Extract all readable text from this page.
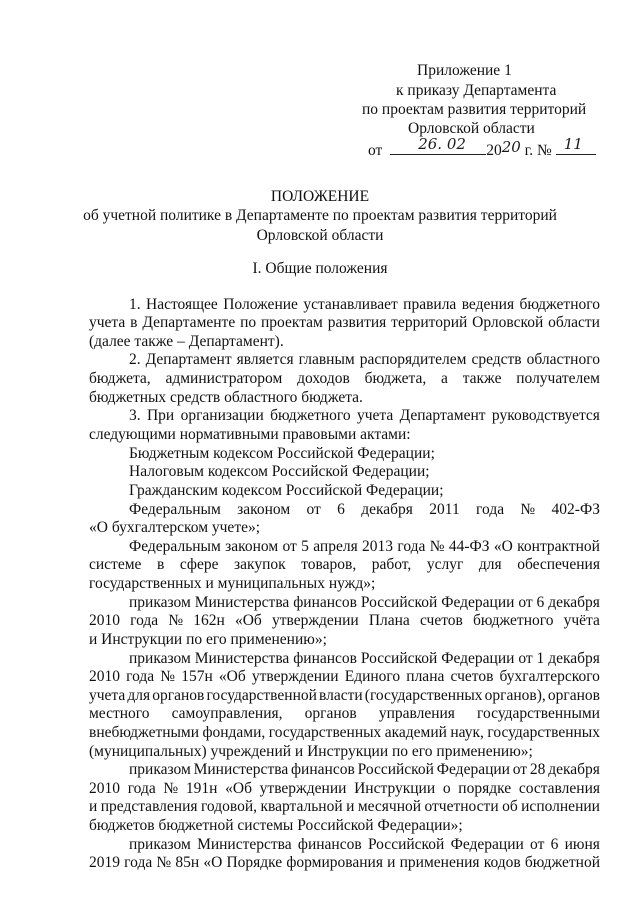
Приложение 1
к приказу Департамента
по проектам развития территорий
Орловской области
от 26. 02 2020 г. № 11
ПОЛОЖЕНИЕ
об учетной политике в Департаменте по проектам развития территорий
Орловской области
I. Общие положения
1. Настоящее Положение устанавливает правила ведения бюджетного
учета в Департаменте по проектам развития территорий Орловской области
(далее также – Департамент).
2. Департамент является главным распорядителем средств областного
бюджета, администратором доходов бюджета, а также получателем
бюджетных средств областного бюджета.
3. При организации бюджетного учета Департамент руководствуется
следующими нормативными правовыми актами:
Бюджетным кодексом Российской Федерации;
Налоговым кодексом Российской Федерации;
Гражданским кодексом Российской Федерации;
Федеральным законом от 6 декабря 2011 года № 402-ФЗ
«О бухгалтерском учете»;
Федеральным законом от 5 апреля 2013 года № 44-ФЗ «О контрактной
системе в сфере закупок товаров, работ, услуг для обеспечения
государственных и муниципальных нужд»;
приказом Министерства финансов Российской Федерации от 6 декабря
2010 года № 162н «Об утверждении Плана счетов бюджетного учёта
и Инструкции по его применению»;
приказом Министерства финансов Российской Федерации от 1 декабря
2010 года № 157н «Об утверждении Единого плана счетов бухгалтерского
учета для органов государственной власти (государственных органов), органов
местного самоуправления, органов управления государственными
внебюджетными фондами, государственных академий наук, государственных
(муниципальных) учреждений и Инструкции по его применению»;
приказом Министерства финансов Российской Федерации от 28 декабря
2010 года № 191н «Об утверждении Инструкции о порядке составления
и представления годовой, квартальной и месячной отчетности об исполнении
бюджетов бюджетной системы Российской Федерации»;
приказом Министерства финансов Российской Федерации от 6 июня
2019 года № 85н «О Порядке формирования и применения кодов бюджетной
